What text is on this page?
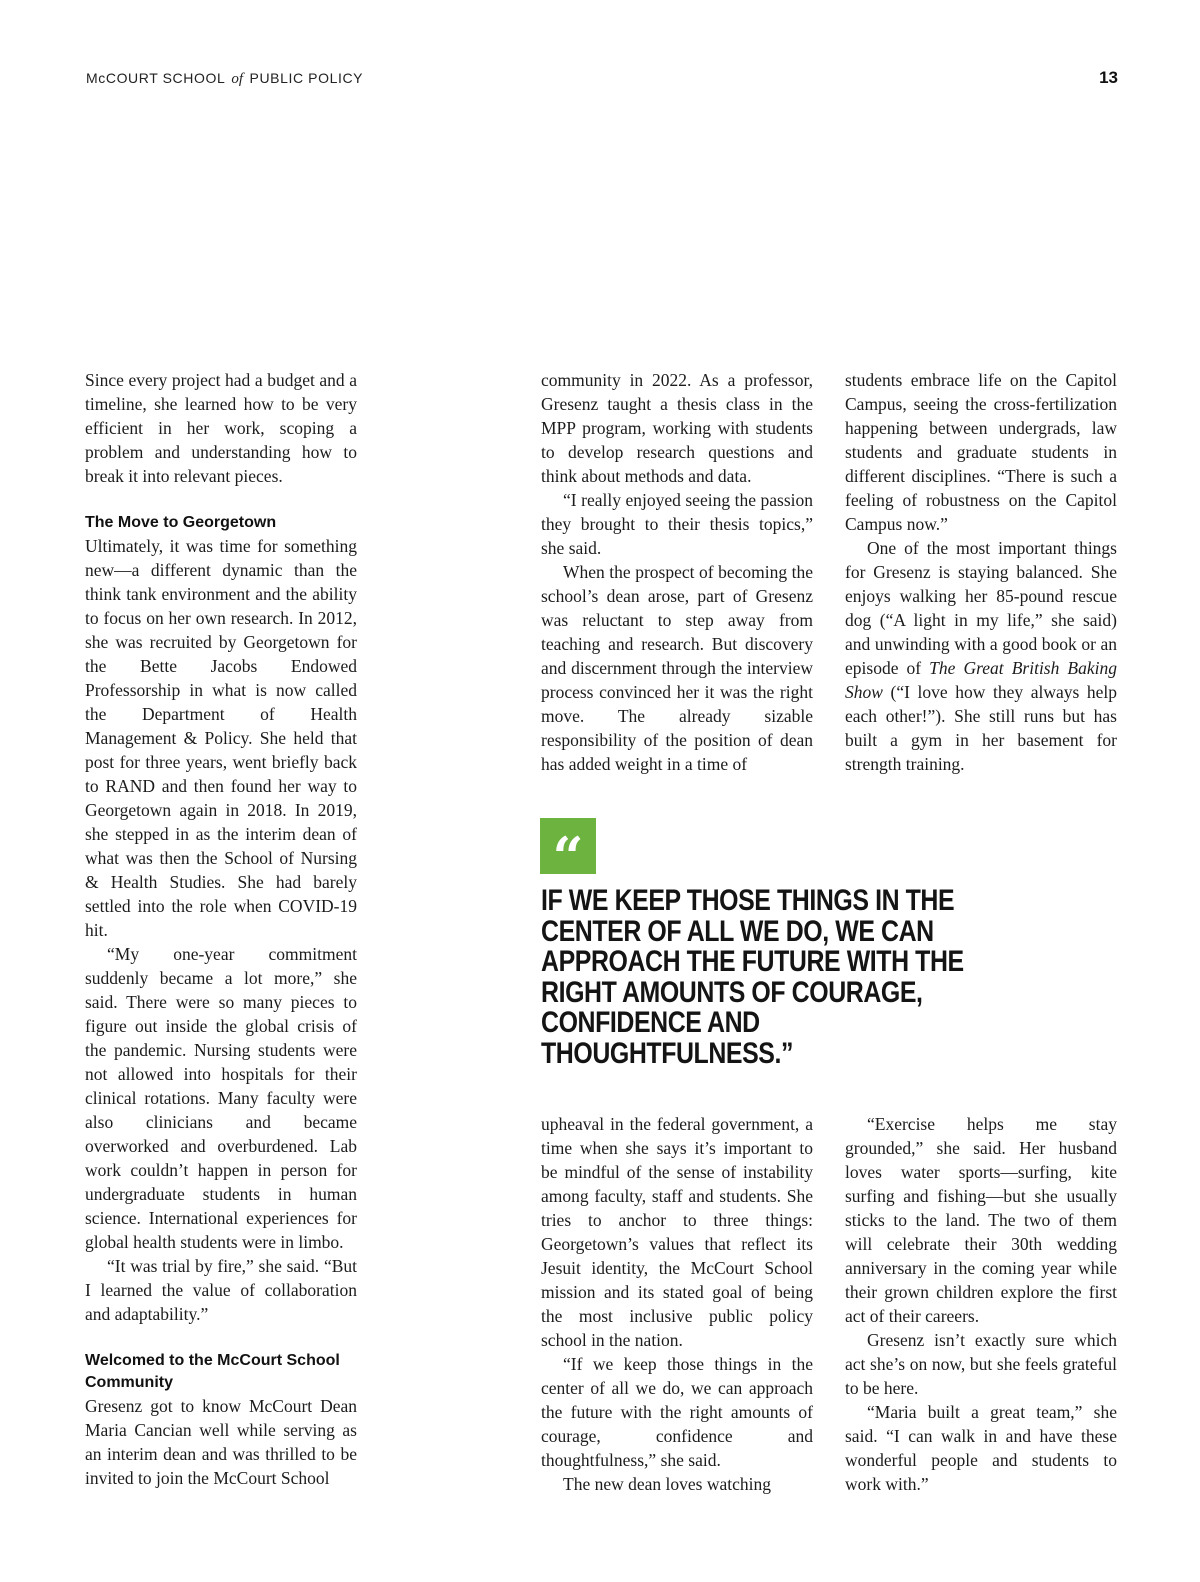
McCOURT SCHOOL of PUBLIC POLICY	13

Since every project had a budget and a timeline, she learned how to be very efficient in her work, scoping a problem and understanding how to break it into relevant pieces.

The Move to Georgetown

Ultimately, it was time for something new—a different dynamic than the think tank environment and the ability to focus on her own research. In 2012, she was recruited by Georgetown for the Bette Jacobs Endowed Professorship in what is now called the Department of Health Management & Policy. She held that post for three years, went briefly back to RAND and then found her way to Georgetown again in 2018. In 2019, she stepped in as the interim dean of what was then the School of Nursing & Health Studies. She had barely settled into the role when COVID-19 hit.

“My one-year commitment suddenly became a lot more,” she said. There were so many pieces to figure out inside the global crisis of the pandemic. Nursing students were not allowed into hospitals for their clinical rotations. Many faculty were also clinicians and became overworked and overburdened. Lab work couldn’t happen in person for undergraduate students in human science. International experiences for global health students were in limbo.

“It was trial by fire,” she said. “But I learned the value of collaboration and adaptability.”

Welcomed to the McCourt School Community

Gresenz got to know McCourt Dean Maria Cancian well while serving as an interim dean and was thrilled to be invited to join the McCourt School

community in 2022. As a professor, Gresenz taught a thesis class in the MPP program, working with students to develop research questions and think about methods and data.

“I really enjoyed seeing the passion they brought to their thesis topics,” she said.

When the prospect of becoming the school’s dean arose, part of Gresenz was reluctant to step away from teaching and research. But discovery and discernment through the interview process convinced her it was the right move. The already sizable responsibility of the position of dean has added weight in a time of

students embrace life on the Capitol Campus, seeing the cross-fertilization happening between undergrads, law students and graduate students in different disciplines. “There is such a feeling of robustness on the Capitol Campus now.”

One of the most important things for Gresenz is staying balanced. She enjoys walking her 85-pound rescue dog (“A light in my life,” she said) and unwinding with a good book or an episode of The Great British Baking Show (“I love how they always help each other!”). She still runs but has built a gym in her basement for strength training.

“
IF WE KEEP THOSE THINGS IN THE
CENTER OF ALL WE DO, WE CAN
APPROACH THE FUTURE WITH THE
RIGHT AMOUNTS OF COURAGE,
CONFIDENCE AND THOUGHTFULNESS.”

upheaval in the federal government, a time when she says it’s important to be mindful of the sense of instability among faculty, staff and students. She tries to anchor to three things: Georgetown’s values that reflect its Jesuit identity, the McCourt School mission and its stated goal of being the most inclusive public policy school in the nation.

“If we keep those things in the center of all we do, we can approach the future with the right amounts of courage, confidence and thoughtfulness,” she said.

The new dean loves watching

“Exercise helps me stay grounded,” she said. Her husband loves water sports—surfing, kite surfing and fishing—but she usually sticks to the land. The two of them will celebrate their 30th wedding anniversary in the coming year while their grown children explore the first act of their careers.

Gresenz isn’t exactly sure which act she’s on now, but she feels grateful to be here.

“Maria built a great team,” she said. “I can walk in and have these wonderful people and students to work with.”
